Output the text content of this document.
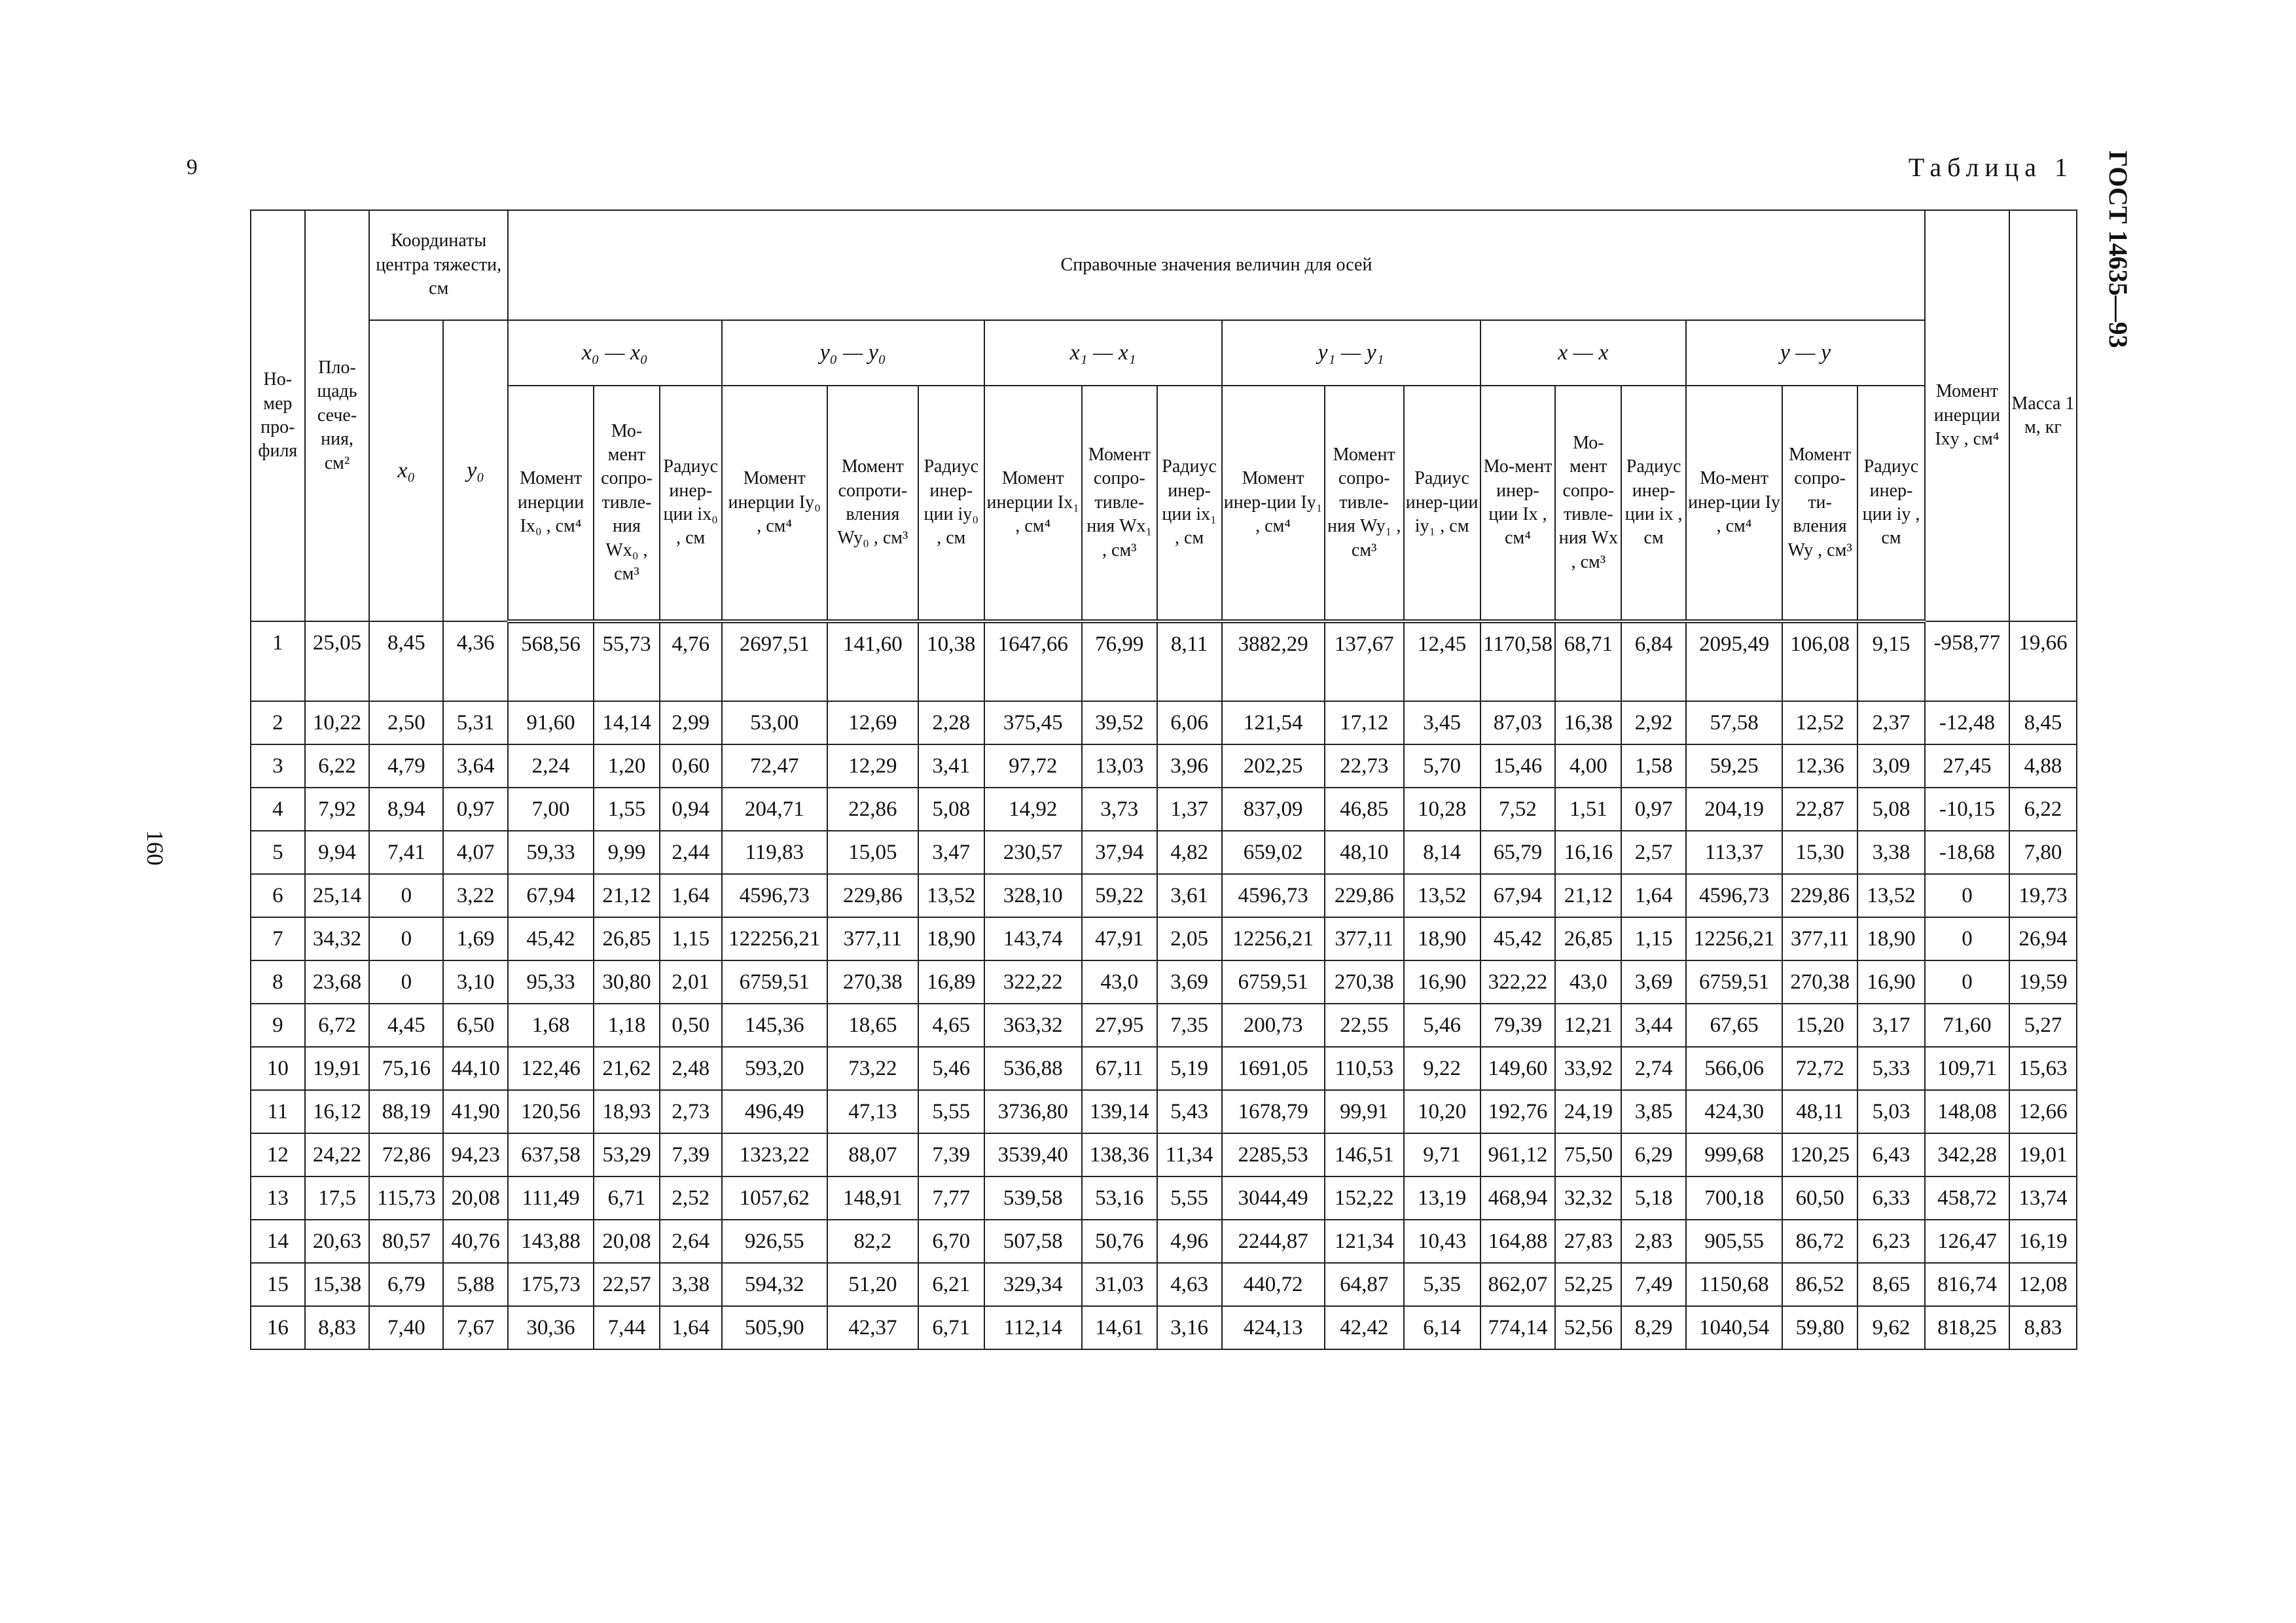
6
160
ГОСТ 14635—93
Таблица 1
Но-мер про-филя	Пло-щадь сече-ния, см²	Координаты центра тяжести, см		Справочные значения величин для осей																		Момент инерции Ixy , см⁴	Масса 1 м, кг
		x₀	y₀	x₀ — x₀			y₀ — y₀			x₁ — x₁			y₁ — y₁			x — x			y — y				
				Момент инерции Ix₀ , см⁴	Мо-мент сопро-тивле-ния Wx₀ , см³	Радиус инер-ции ix₀ , см	Момент инерции Iy₀ , см⁴	Момент сопроти-вления Wy₀ , см³	Радиус инер-ции iy₀ , см	Момент инерции Ix₁ , см⁴	Момент сопро-тивле-ния Wx₁ , см³	Радиус инер-ции ix₁ , см	Момент инер-ции Iy₁ , см⁴	Момент сопро-тивле-ния Wy₁ , см³	Радиус инер-ции iy₁ , см	Мо-мент инер-ции Ix , см⁴	Мо-мент сопро-тивле-ния Wx , см³	Радиус инер-ции ix , см	Мо-мент инер-ции Iy , см⁴	Момент сопро-ти-вления Wy , см³	Радиус инер-ции iy , см		
1	25,05	8,45	4,36	568,56	55,73	4,76	2697,51	141,60	10,38	1647,66	76,99	8,11	3882,29	137,67	12,45	1170,58	68,71	6,84	2095,49	106,08	9,15	-958,77	19,66
2	10,22	2,50	5,31	91,60	14,14	2,99	53,00	12,69	2,28	375,45	39,52	6,06	121,54	17,12	3,45	87,03	16,38	2,92	57,58	12,52	2,37	-12,48	8,45
3	6,22	4,79	3,64	2,24	1,20	0,60	72,47	12,29	3,41	97,72	13,03	3,96	202,25	22,73	5,70	15,46	4,00	1,58	59,25	12,36	3,09	27,45	4,88
4	7,92	8,94	0,97	7,00	1,55	0,94	204,71	22,86	5,08	14,92	3,73	1,37	837,09	46,85	10,28	7,52	1,51	0,97	204,19	22,87	5,08	-10,15	6,22
5	9,94	7,41	4,07	59,33	9,99	2,44	119,83	15,05	3,47	230,57	37,94	4,82	659,02	48,10	8,14	65,79	16,16	2,57	113,37	15,30	3,38	-18,68	7,80
6	25,14	0	3,22	67,94	21,12	1,64	4596,73	229,86	13,52	328,10	59,22	3,61	4596,73	229,86	13,52	67,94	21,12	1,64	4596,73	229,86	13,52	0	19,73
7	34,32	0	1,69	45,42	26,85	1,15	122256,21	377,11	18,90	143,74	47,91	2,05	12256,21	377,11	18,90	45,42	26,85	1,15	12256,21	377,11	18,90	0	26,94
8	23,68	0	3,10	95,33	30,80	2,01	6759,51	270,38	16,89	322,22	43,0	3,69	6759,51	270,38	16,90	322,22	43,0	3,69	6759,51	270,38	16,90	0	19,59
9	6,72	4,45	6,50	1,68	1,18	0,50	145,36	18,65	4,65	363,32	27,95	7,35	200,73	22,55	5,46	79,39	12,21	3,44	67,65	15,20	3,17	71,60	5,27
10	19,91	75,16	44,10	122,46	21,62	2,48	593,20	73,22	5,46	536,88	67,11	5,19	1691,05	110,53	9,22	149,60	33,92	2,74	566,06	72,72	5,33	109,71	15,63
11	16,12	88,19	41,90	120,56	18,93	2,73	496,49	47,13	5,55	3736,80	139,14	5,43	1678,79	99,91	10,20	192,76	24,19	3,85	424,30	48,11	5,03	148,08	12,66
12	24,22	72,86	94,23	637,58	53,29	7,39	1323,22	88,07	7,39	3539,40	138,36	11,34	2285,53	146,51	9,71	961,12	75,50	6,29	999,68	120,25	6,43	342,28	19,01
13	17,5	115,73	20,08	111,49	6,71	2,52	1057,62	148,91	7,77	539,58	53,16	5,55	3044,49	152,22	13,19	468,94	32,32	5,18	700,18	60,50	6,33	458,72	13,74
14	20,63	80,57	40,76	143,88	20,08	2,64	926,55	82,2	6,70	507,58	50,76	4,96	2244,87	121,34	10,43	164,88	27,83	2,83	905,55	86,72	6,23	126,47	16,19
15	15,38	6,79	5,88	175,73	22,57	3,38	594,32	51,20	6,21	329,34	31,03	4,63	440,72	64,87	5,35	862,07	52,25	7,49	1150,68	86,52	8,65	816,74	12,08
16	8,83	7,40	7,67	30,36	7,44	1,64	505,90	42,37	6,71	112,14	14,61	3,16	424,13	42,42	6,14	774,14	52,56	8,29	1040,54	59,80	9,62	818,25	8,83
